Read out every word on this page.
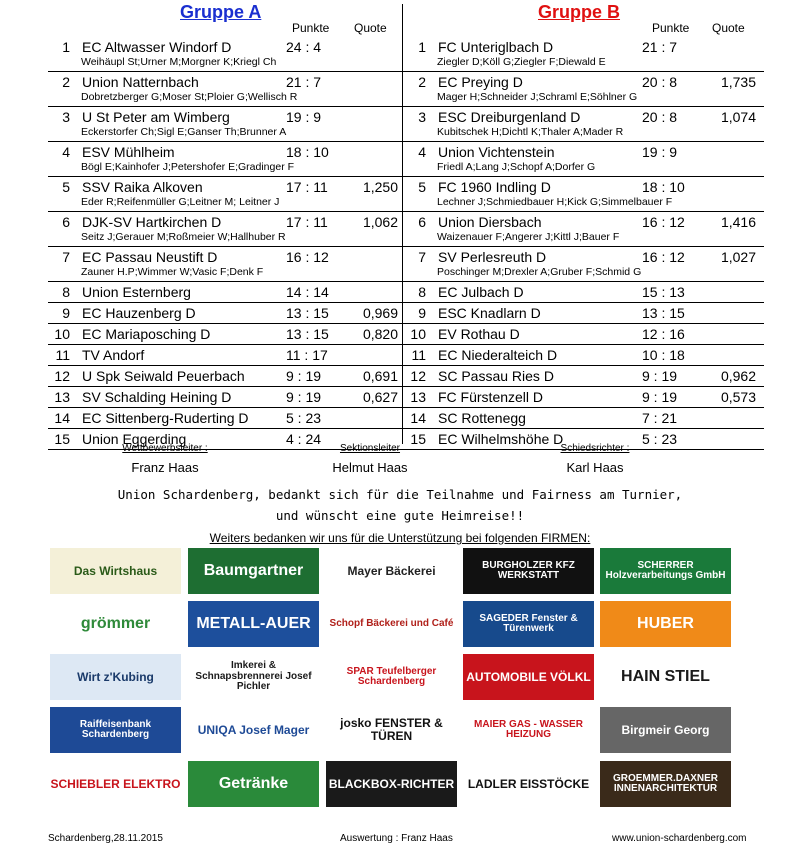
Gruppe A
Punkte Quote
1 EC Altwasser Windorf D	24 : 4
Weihäupl St;Urner M;Morgner K;Kriegl Ch
2 Union Natternbach	21 : 7
Dobretzberger G;Moser St;Ploier G;Wellisch R
3 U St Peter am Wimberg	19 : 9
Eckerstorfer Ch;Sigl E;Ganser Th;Brunner A
4 ESV Mühlheim	18 : 10
Bögl E;Kainhofer J;Petershofer E;Gradinger F
5 SSV Raika Alkoven	17 : 11	1,250
Eder R;Reifenmüller G;Leitner M; Leitner J
6 DJK-SV Hartkirchen D	17 : 11	1,062
Seitz J;Gerauer M;Roßmeier W;Hallhuber R
7 EC Passau Neustift D	16 : 12
Zauner H.P;Wimmer W;Vasic F;Denk F
8 Union Esternberg	14 : 14
9 EC Hauzenberg D	13 : 15	0,969
10 EC Mariaposching D	13 : 15	0,820
11 TV Andorf	11 : 17
12 U Spk Seiwald Peuerbach	9 : 19	0,691
13 SV Schalding Heining D	9 : 19	0,627
14 EC Sittenberg-Ruderting D	5 : 23
15 Union Eggerding	4 : 24
Gruppe B
Punkte Quote
1 FC Unteriglbach D	21 : 7
Ziegler D;Köll G;Ziegler F;Diewald E
2 EC Preying D	20 : 8	1,735
Mager H;Schneider J;Schraml E;Söhlner G
3 ESC Dreiburgenland D	20 : 8	1,074
Kubitschek H;Dichtl K;Thaler A;Mader R
4 Union Vichtenstein	19 : 9
Friedl A;Lang J;Schopf A;Dorfer G
5 FC 1960 Indling D	18 : 10
Lechner J;Schmiedbauer H;Kick G;Simmelbauer F
6 Union Diersbach	16 : 12	1,416
Waizenauer F;Angerer J;Kittl J;Bauer F
7 SV Perlesreuth D	16 : 12	1,027
Poschinger M;Drexler A;Gruber F;Schmid G
8 EC Julbach D	15 : 13
9 ESC Knadlarn D	13 : 15
10 EV Rothau D	12 : 16
11 EC Niederalteich D	10 : 18
12 SC Passau Ries D	9 : 19	0,962
13 FC Fürstenzell D	9 : 19	0,573
14 SC Rottenegg	7 : 21
15 EC Wilhelmshöhe D	5 : 23
Wettbewerbsleiter :
Franz Haas
Sektionsleiter
Helmut Haas
Schiedsrichter :
Karl Haas
Union Schardenberg, bedankt sich für die Teilnahme und Fairness am Turnier,
und wünscht eine gute Heimreise!!
Weiters bedanken wir uns für die Unterstützung bei folgenden FIRMEN:
Das Wirtshaus	Baumgartner	Mayer Bäckerei	BURGHOLZER KFZ WERKSTATT
SCHERRER Holzverarbeitungs GmbH
grömmer	METALL-AUER	Schopf Bäckerei und Café	SAGEDER Fenster & Türenwerk	HUBER
Wirt z'Kubing
Imkerei & Schnapsbrennerei Josef Pichler
SPAR Teufelberger Schardenberg	AUTOMOBILE VÖLKL	HAIN STIEL
Raiffeisenbank Schardenberg	UNIQA Josef Mager	josko FENSTER & TÜREN
MAIER GAS - WASSER HEIZUNG	Birgmeir Georg
SCHIEBLER ELEKTRO	Getränke	BLACKBOX-RICHTER	LADLER EISSTÖCKE	GROEMMER.DAXNER INNENARCHITEKTUR
Schardenberg,28.11.2015	Auswertung : Franz Haas	www.union-schardenberg.com
